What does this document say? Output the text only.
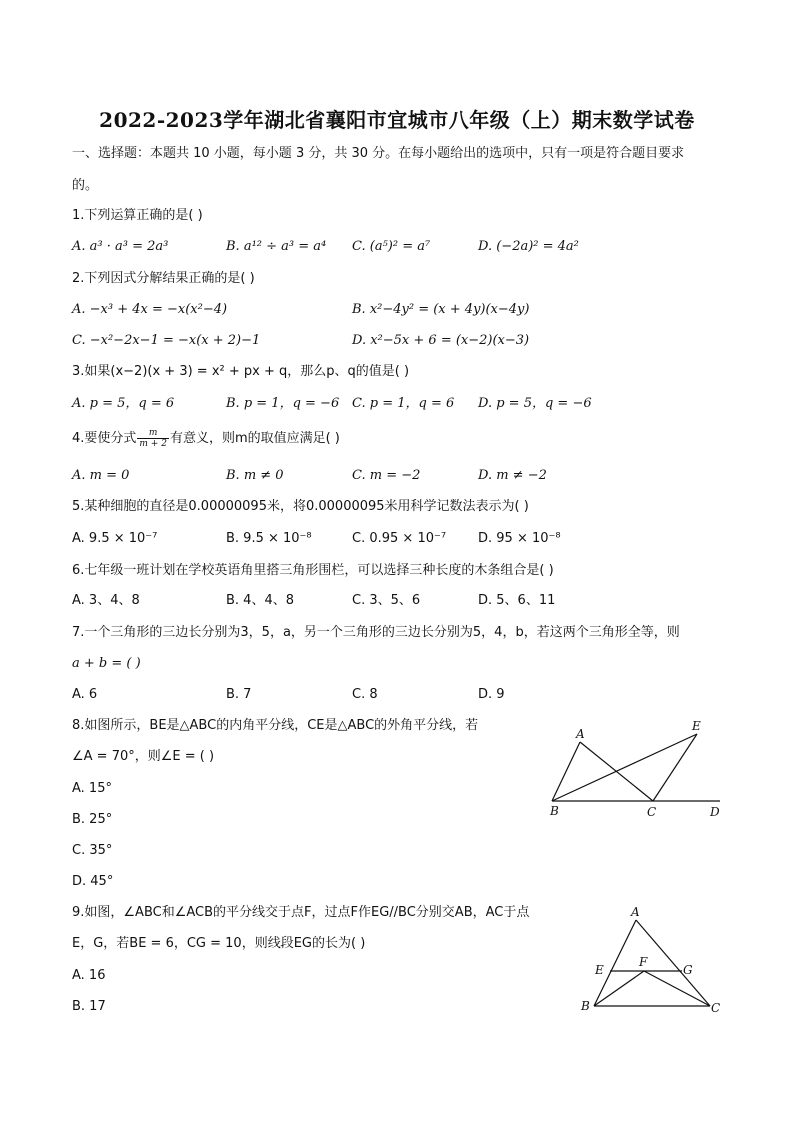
2022-2023学年湖北省襄阳市宜城市八年级（上）期末数学试卷
一、选择题：本题共 10 小题，每小题 3 分，共 30 分。在每小题给出的选项中，只有一项是符合题目要求
的。
1.下列运算正确的是( )
A. a³ · a³ = 2a³	B. a¹² ÷ a³ = a⁴ C. (a⁵)² = a⁷	D. (−2a)² = 4a²
2.下列因式分解结果正确的是( )
A. −x³ + 4x = −x(x²−4)	B. x²−4y² = (x + 4y)(x−4y)
C. −x²−2x−1 = −x(x + 2)−1	D. x²−5x + 6 = (x−2)(x−3)
3.如果(x−2)(x + 3) = x² + px + q，那么p、q的值是( )
A. p = 5，q = 6	B. p = 1，q = −6 C. p = 1，q = 6 D. p = 5，q = −6
4.要使分式 $\frac{m}{m + 2}$ 有意义，则m的取值应满足( )
A. m = 0	B. m ≠ 0	C. m = −2	D. m ≠ −2
5.某种细胞的直径是0.00000095米，将0.00000095米用科学记数法表示为( )
A. 9.5 × 10⁻⁷	B. 9.5 × 10⁻⁸	C. 0.95 × 10⁻⁷ D. 95 × 10⁻⁸
6.七年级一班计划在学校英语角里搭三角形围栏，可以选择三种长度的木条组合是( )
A. 3、4、8	B. 4、4、8	C. 3、5、6	D. 5、6、11
7.一个三角形的三边长分别为3，5，a，另一个三角形的三边长分别为5，4，b，若这两个三角形全等，则
a + b = ( )
A. 6	B. 7	C. 8	D. 9
8.如图所示，BE是△ABC的内角平分线，CE是△ABC的外角平分线，若
∠A = 70°，则∠E = ( )
A. 15°
B. 25°
C. 35°
D. 45°
A
B	C	D
E
9.如图，∠ABC和∠ACB的平分线交于点F，过点F作EG//BC分别交AB，AC于点
E，G，若BE = 6，CG = 10，则线段EG的长为( )
A. 16
B. 17
A
B	C
E
F
G
